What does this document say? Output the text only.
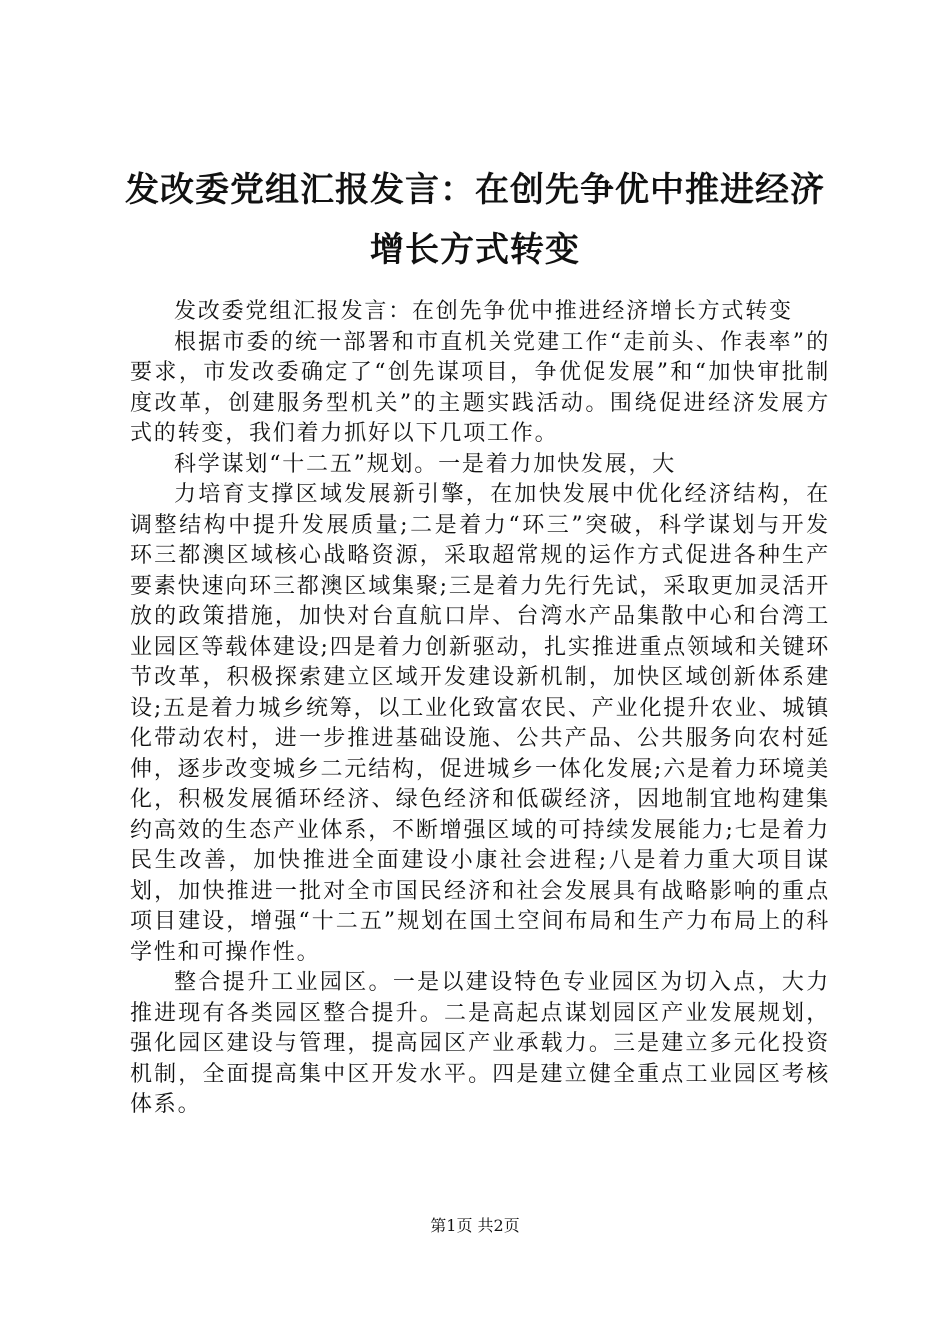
发改委党组汇报发言：在创先争优中推进经济增长方式转变

发改委党组汇报发言：在创先争优中推进经济增长方式转变

根据市委的统一部署和市直机关党建工作“走前头、作表率”的要求，市发改委确定了“创先谋项目，争优促发展”和“加快审批制度改革，创建服务型机关”的主题实践活动。围绕促进经济发展方式的转变，我们着力抓好以下几项工作。

科学谋划“十二五”规划。一是着力加快发展，大

力培育支撑区域发展新引擎，在加快发展中优化经济结构，在调整结构中提升发展质量;二是着力“环三”突破，科学谋划与开发环三都澳区域核心战略资源，采取超常规的运作方式促进各种生产要素快速向环三都澳区域集聚;三是着力先行先试，采取更加灵活开放的政策措施，加快对台直航口岸、台湾水产品集散中心和台湾工业园区等载体建设;四是着力创新驱动，扎实推进重点领域和关键环节改革，积极探索建立区域开发建设新机制，加快区域创新体系建设;五是着力城乡统筹，以工业化致富农民、产业化提升农业、城镇化带动农村，进一步推进基础设施、公共产品、公共服务向农村延伸，逐步改变城乡二元结构，促进城乡一体化发展;六是着力环境美化，积极发展循环经济、绿色经济和低碳经济，因地制宜地构建集约高效的生态产业体系，不断增强区域的可持续发展能力;七是着力民生改善，加快推进全面建设小康社会进程;八是着力重大项目谋划，加快推进一批对全市国民经济和社会发展具有战略影响的重点项目建设，增强“十二五”规划在国土空间布局和生产力布局上的科学性和可操作性。

整合提升工业园区。一是以建设特色专业园区为切入点，大力推进现有各类园区整合提升。二是高起点谋划园区产业发展规划，强化园区建设与管理，提高园区产业承载力。三是建立多元化投资机制，全面提高集中区开发水平。四是建立健全重点工业园区考核体系。

第1页 共2页
